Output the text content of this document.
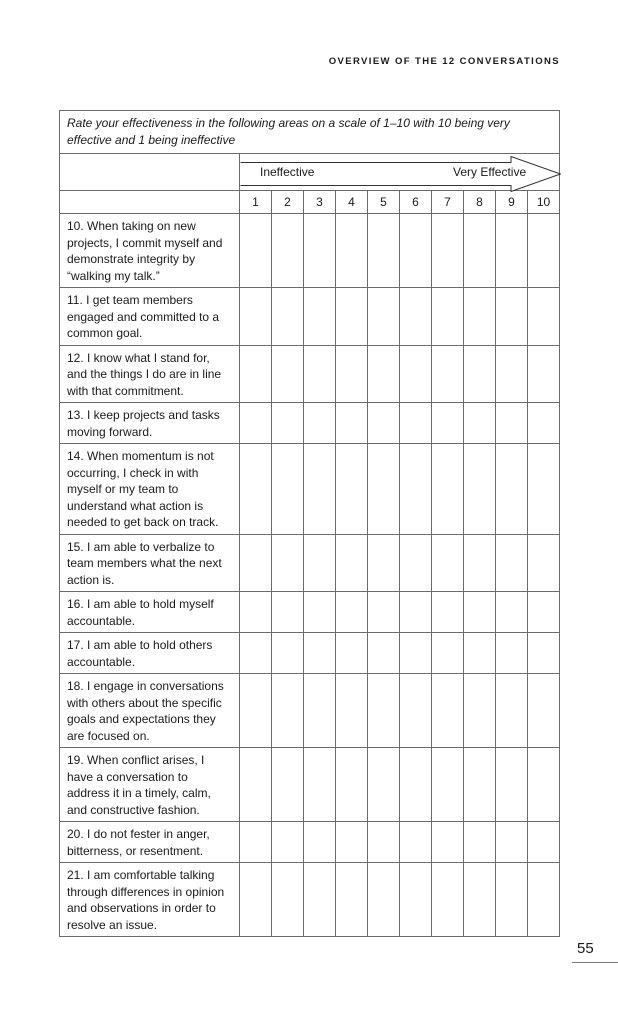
OVERVIEW OF THE 12 CONVERSATIONS
Rate your effectiveness in the following areas on a scale of 1–10 with 10 being very effective and 1 being ineffective										

	Ineffective Very Effective									

	1	2	3	4	5	6	7	8	9	10
10. When taking on new projects, I commit myself and demonstrate integrity by “walking my talk.”										
11. I get team members engaged and committed to a common goal.										
12. I know what I stand for, and the things I do are in line with that commitment.										
13. I keep projects and tasks moving forward.										
14. When momentum is not occurring, I check in with myself or my team to understand what action is needed to get back on track.										
15. I am able to verbalize to team members what the next action is.										
16. I am able to hold myself accountable.										
17. I am able to hold others accountable.										
18. I engage in conversations with others about the specific goals and expectations they are focused on.										
19. When conflict arises, I have a conversation to address it in a timely, calm, and constructive fashion.										
20. I do not fester in anger, bitterness, or resentment.										
21. I am comfortable talking through differences in opinion and observations in order to resolve an issue.										
55
